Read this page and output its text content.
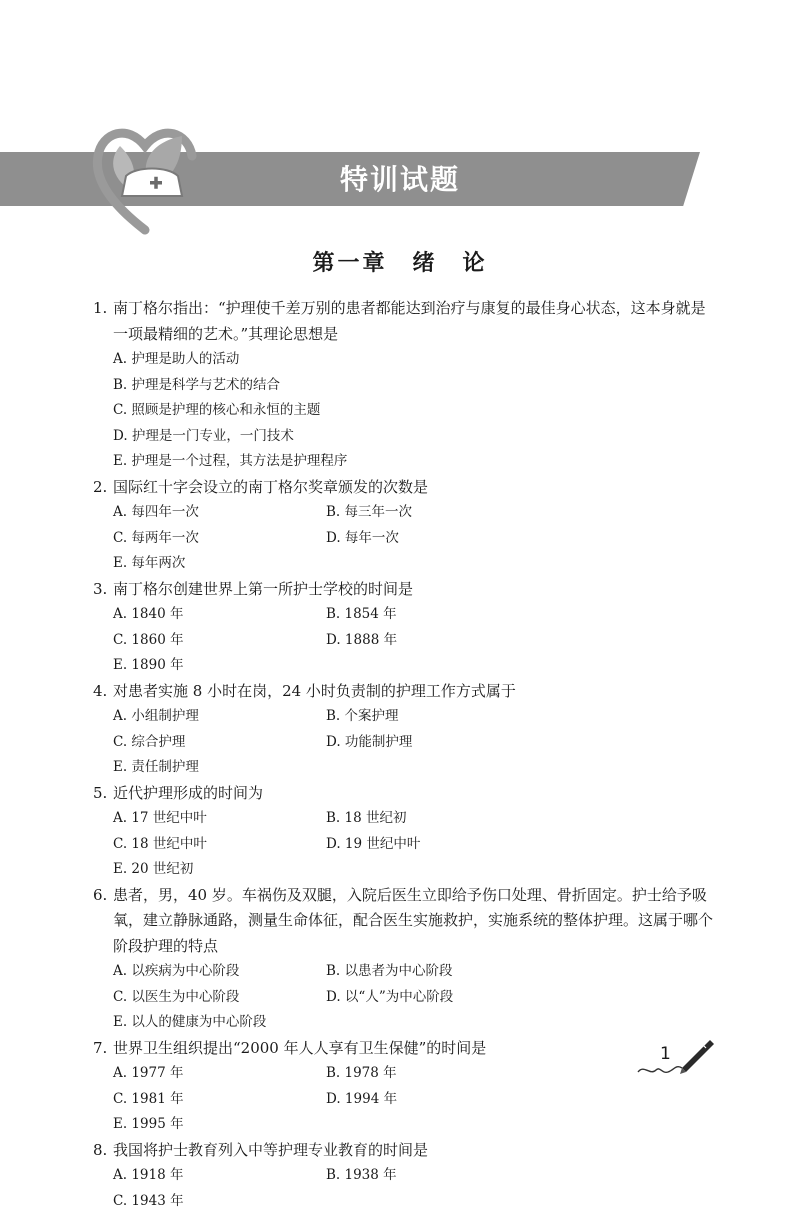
特训试题
第一章　绪　论
1. 南丁格尔指出：“护理使千差万别的患者都能达到治疗与康复的最佳身心状态，这本身就是一项最精细的艺术。”其理论思想是
A. 护理是助人的活动
B. 护理是科学与艺术的结合
C. 照顾是护理的核心和永恒的主题
D. 护理是一门专业，一门技术
E. 护理是一个过程，其方法是护理程序
2. 国际红十字会设立的南丁格尔奖章颁发的次数是
A. 每四年一次	B. 每三年一次
C. 每两年一次	D. 每年一次
E. 每年两次
3. 南丁格尔创建世界上第一所护士学校的时间是
A. 1840 年	B. 1854 年
C. 1860 年	D. 1888 年
E. 1890 年
4. 对患者实施 8 小时在岗，24 小时负责制的护理工作方式属于
A. 小组制护理	B. 个案护理
C. 综合护理	D. 功能制护理
E. 责任制护理
5. 近代护理形成的时间为
A. 17 世纪中叶	B. 18 世纪初
C. 18 世纪中叶	D. 19 世纪中叶
E. 20 世纪初
6. 患者，男，40 岁。车祸伤及双腿，入院后医生立即给予伤口处理、骨折固定。护士给予吸氧，建立静脉通路，测量生命体征，配合医生实施救护，实施系统的整体护理。这属于哪个阶段护理的特点
A. 以疾病为中心阶段	B. 以患者为中心阶段
C. 以医生为中心阶段	D. 以“人”为中心阶段
E. 以人的健康为中心阶段
7. 世界卫生组织提出“2000 年人人享有卫生保健”的时间是
A. 1977 年	B. 1978 年
C. 1981 年	D. 1994 年
E. 1995 年
8. 我国将护士教育列入中等护理专业教育的时间是
A. 1918 年	B. 1938 年
C. 1943 年
1
